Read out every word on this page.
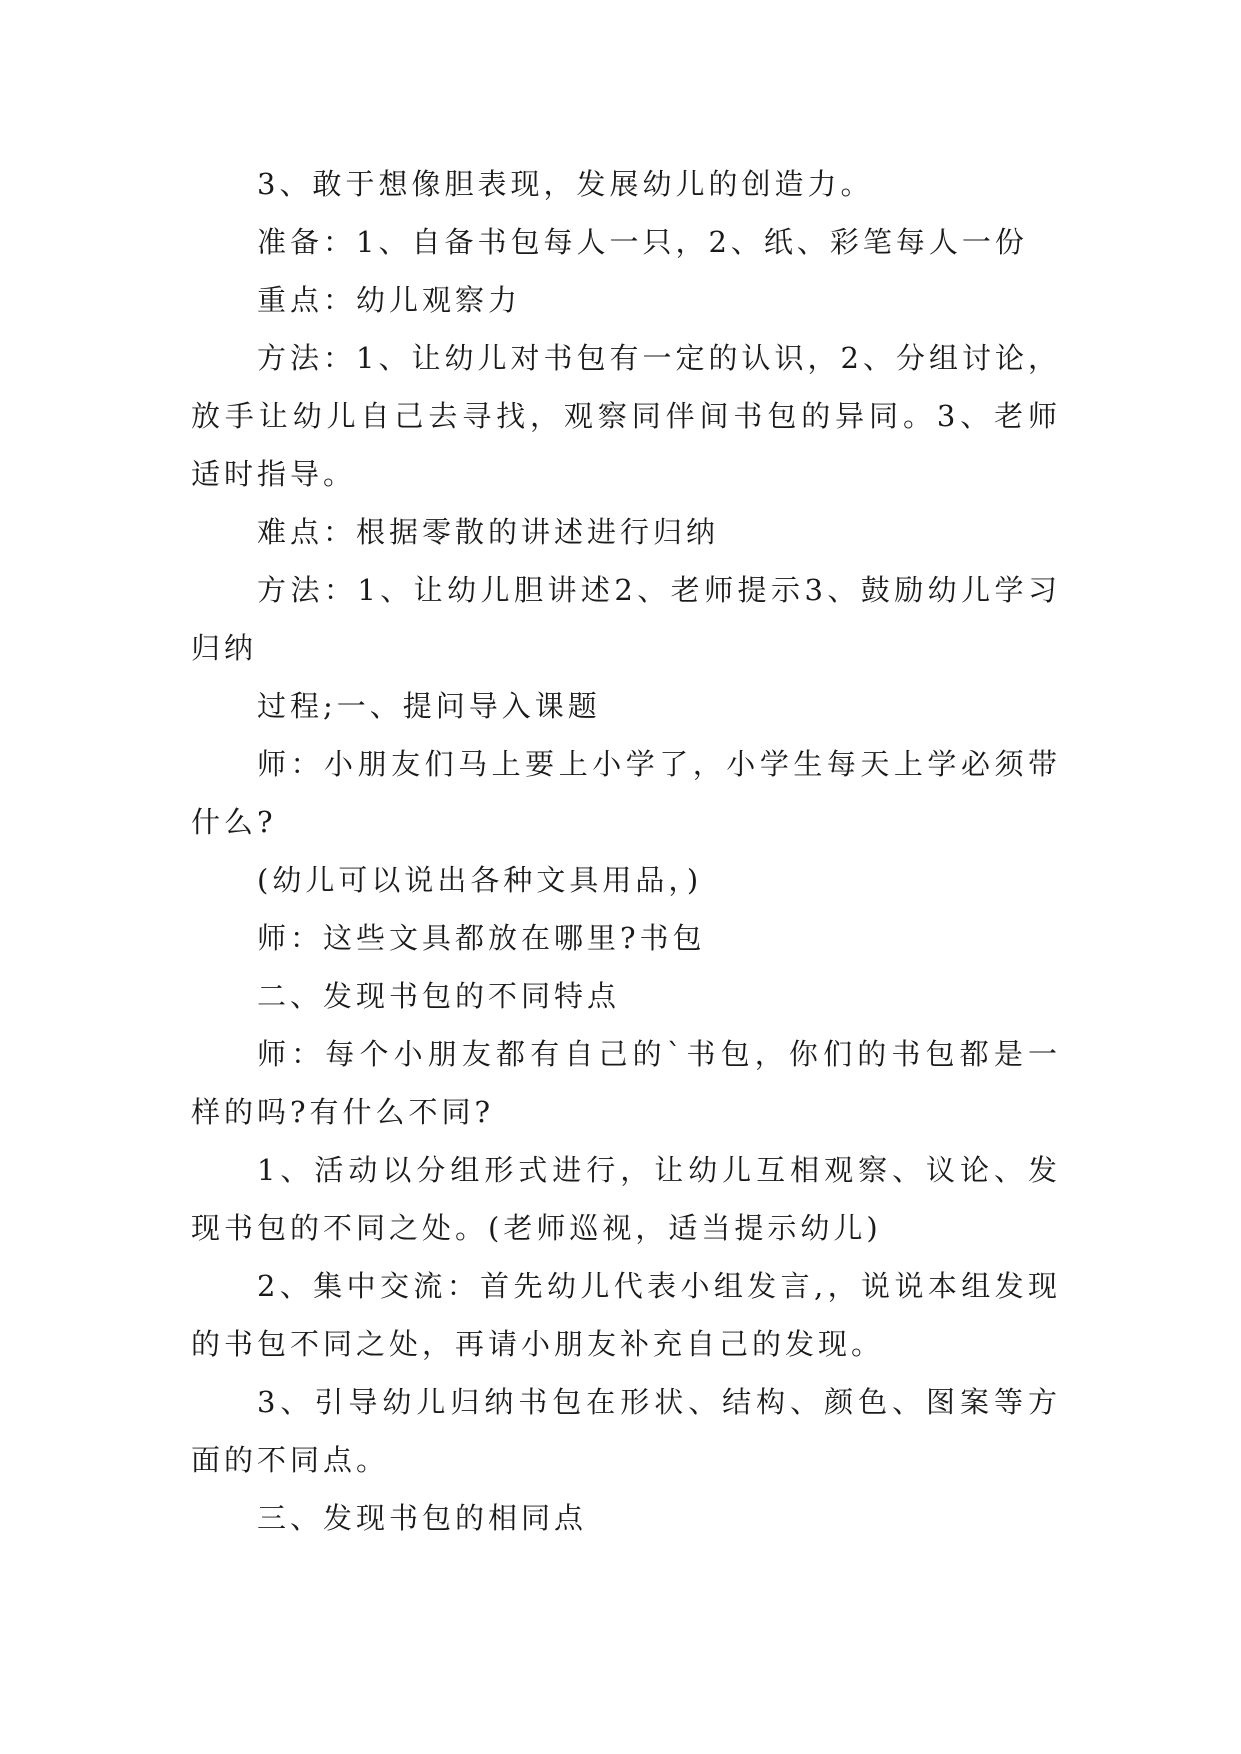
3、敢于想像胆表现，发展幼儿的创造力。

准备：1、自备书包每人一只，2、纸、彩笔每人一份

重点：幼儿观察力

方法：1、让幼儿对书包有一定的认识，2、分组讨论，放手让幼儿自己去寻找，观察同伴间书包的异同。3、老师适时指导。

难点：根据零散的讲述进行归纳

方法：1、让幼儿胆讲述2、老师提示3、鼓励幼儿学习归纳

过程;一、提问导入课题

师：小朋友们马上要上小学了，小学生每天上学必须带什么?

(幼儿可以说出各种文具用品，)

师：这些文具都放在哪里?书包

二、发现书包的不同特点

师：每个小朋友都有自己的`书包，你们的书包都是一样的吗?有什么不同?

1、活动以分组形式进行，让幼儿互相观察、议论、发现书包的不同之处。(老师巡视，适当提示幼儿)

2、集中交流：首先幼儿代表小组发言,，说说本组发现的书包不同之处，再请小朋友补充自己的发现。

3、引导幼儿归纳书包在形状、结构、颜色、图案等方面的不同点。

三、发现书包的相同点
